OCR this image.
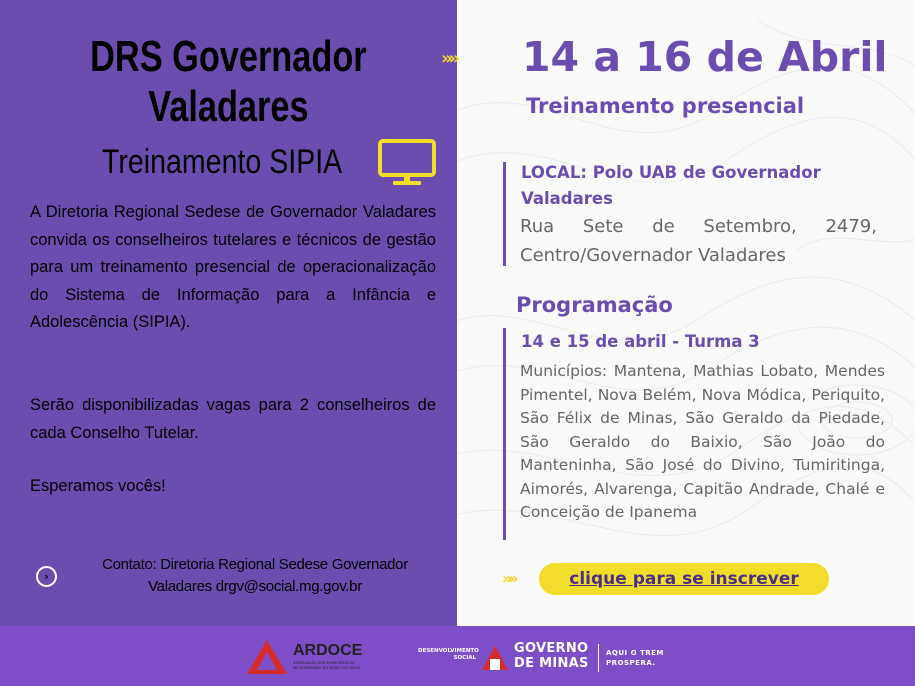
DRS Governador
Valadares
Treinamento SIPIA

A Diretoria Regional Sedese de Governador Valadares convida os conselheiros tutelares e técnicos de gestão para um treinamento presencial de operacionalização do Sistema de Informação para a Infância e Adolescência (SIPIA).

Serão disponibilizadas vagas para 2 conselheiros de cada Conselho Tutelar.

Esperamos vocês!

›
Contato: Diretoria Regional Sedese Governador
Valadares drgv@social.mg.gov.br
»» 14 a 16 de Abril
Treinamento presencial
LOCAL: Polo UAB de Governador Valadares
Rua Sete de Setembro, 2479, Centro/Governador Valadares
Programação
14 e 15 de abril - Turma 3
Municípios: Mantena, Mathias Lobato, Mendes Pimentel, Nova Belém, Nova Módica, Periquito, São Félix de Minas, São Geraldo da Piedade, São Geraldo do Baixio, São João do Manteninha, São José do Divino, Tumiritinga, Aimorés, Alvarenga, Capitão Andrade, Chalé e Conceição de Ipanema
»»	clique para se inscrever
ARDOCE
ASSOCIAÇÃO DOS MUNICÍPIOS DA MICRORREGIÃO DO MÉDIO RIO DOCE
DESENVOLVIMENTO SOCIAL
GOVERNO
DE MINAS
AQUI O TREM
PROSPERA.
